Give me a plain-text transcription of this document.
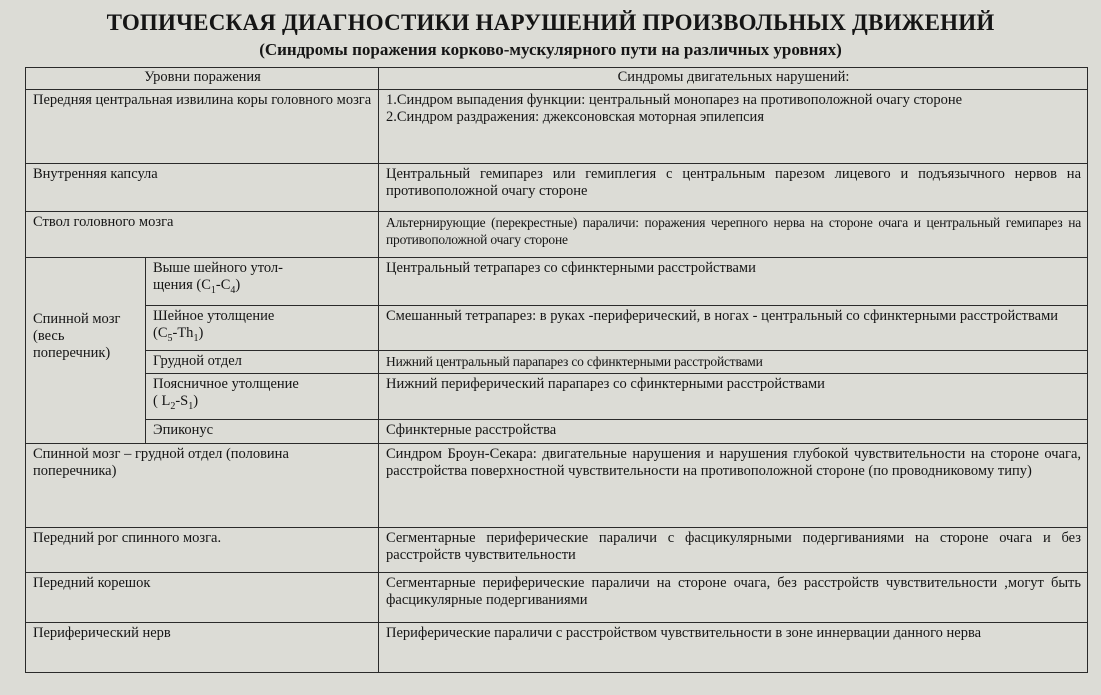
ТОПИЧЕСКАЯ ДИАГНОСТИКИ НАРУШЕНИЙ ПРОИЗВОЛЬНЫХ ДВИЖЕНИЙ
(Синдромы поражения корково-мускулярного пути на различных уровнях)
Уровни поражения		Синдромы двигательных нарушений:
Передняя центральная извилина коры головного мозга		1.Синдром выпадения функции: центральный монопарез на противоположной очагу стороне
2.Синдром раздражения: джексоновская моторная эпилепсия

Внутренняя капсула		Центральный гемипарез или гемиплегия с центральным парезом лицевого и подъязычного нервов на противоположной очагу стороне
Ствол головного мозга		Альтернирующие (перекрестные) параличи: поражения черепного нерва на стороне очага и центральный гемипарез на противоположной очагу стороне

Спинной мозг (весь поперечник)	Выше шейного утол-
щения $(C_1-C_4)$	Центральный тетрапарез со сфинктерными расстройствами

	Шейное утолщение
$(C_5-Th_1)$	Смешанный тетрапарез: в руках -периферический, в ногах - центральный со сфинктерными расстройствами
	Грудной отдел	Нижний центральный парапарез со сфинктерными расстройствами

	Поясничное утолщение
( $L_2-S_1$)	Нижний периферический парапарез со сфинктерными расстройствами
	Эпиконус	Сфинктерные расстройства
Спинной мозг – грудной отдел (половина поперечника)		Синдром Броун-Секара: двигательные нарушения и нарушения глубокой чувствительности на стороне очага, расстройства поверхностной чувствительности на противоположной стороне (по проводниковому типу)
Передний рог спинного мозга.		Сегментарные периферические параличи с фасцикулярными подергиваниями на стороне очага и без расстройств чувствительности
Передний корешок		Сегментарные периферические параличи на стороне очага, без расстройств чувствительности ,могут быть фасцикулярные подергиваниями
Периферический нерв		Периферические параличи с расстройством чувствительности в зоне иннервации данного нерва
